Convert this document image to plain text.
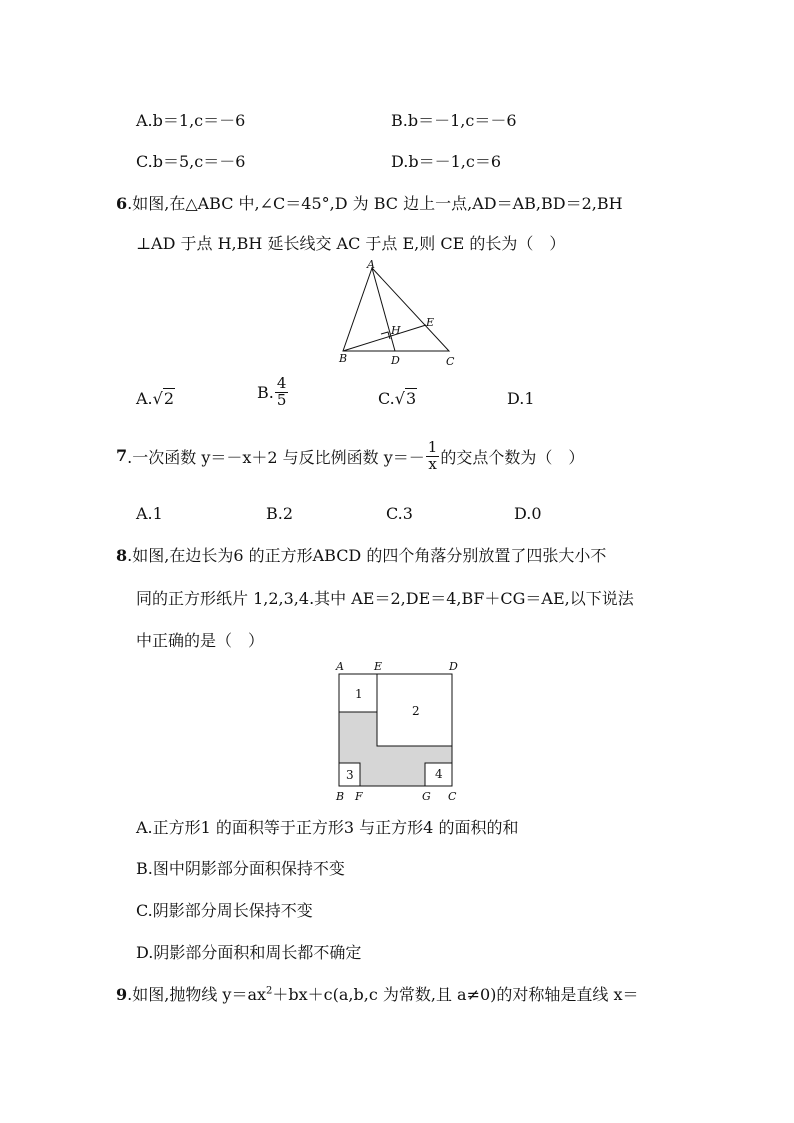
A.b＝1,c＝－6	B.b＝－1,c＝－6
C.b＝5,c＝－6	D.b＝－1,c＝6
6.如图,在△ABC 中,∠C＝45°,D 为 BC 边上一点,AD＝AB,BD＝2,BH
⊥AD 于点 H,BH 延长线交 AC 于点 E,则 CE 的长为（　）
A
B	C
D
E
H
A.√2	B. $\frac{4}{5}$	C.√3	D.1
7.一次函数 y＝－x＋2 与反比例函数 $y=- \frac{1}{x}$ 的交点个数为（　）
A.1	B.2	C.3	D.0
8.如图,在边长为6 的正方形ABCD 的四个角落分别放置了四张大小不
同的正方形纸片 1,2,3,4.其中 AE＝2,DE＝4,BF＋CG＝AE,以下说法
中正确的是（　）
A	E	D
B F	G C
1
2
3	4
A.正方形1 的面积等于正方形3 与正方形4 的面积的和
B.图中阴影部分面积保持不变
C.阴影部分周长保持不变
D.阴影部分面积和周长都不确定
9.如图,抛物线 $y=ax^2+bx+c(a,b,c$ 为常数,且 a≠0)的对称轴是直线 x＝
